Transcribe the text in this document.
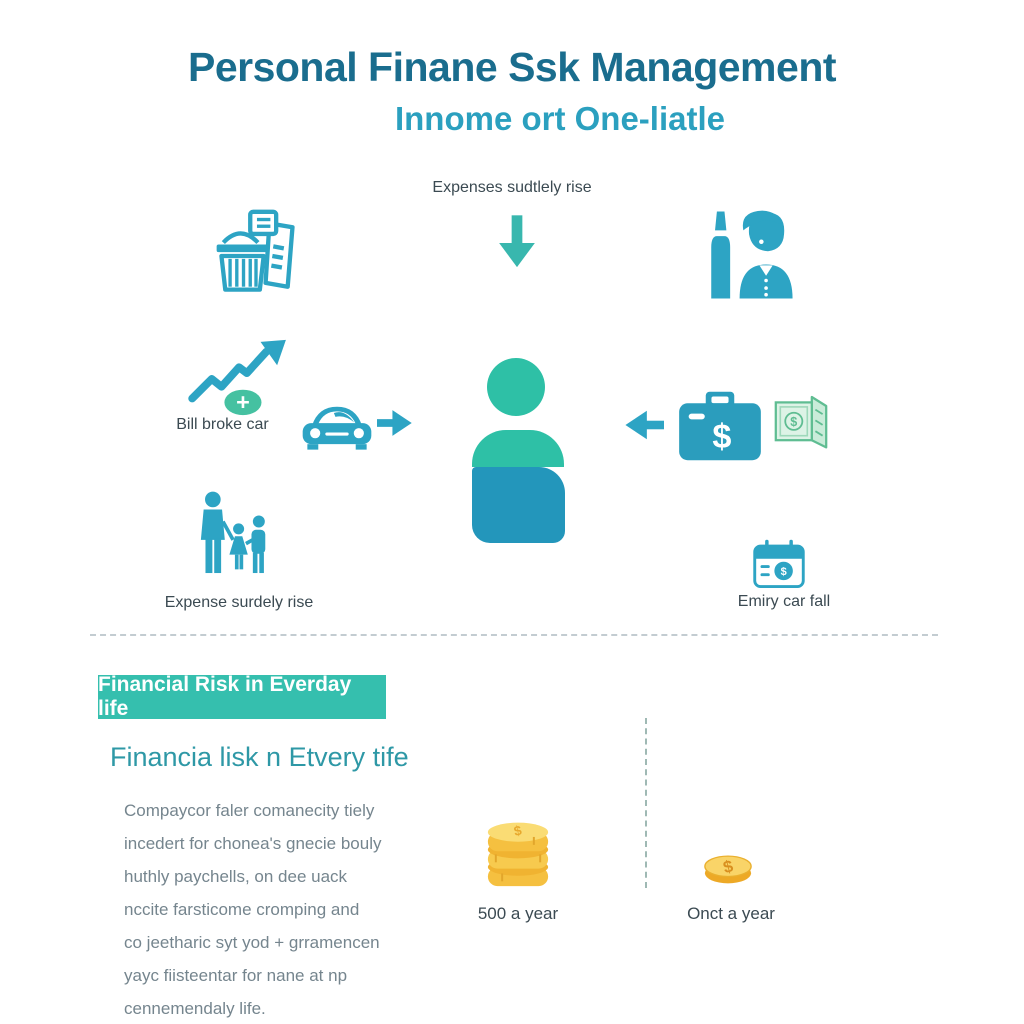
Personal Finane Ssk Management
Innome ort One-liatle
Expenses sudtlely rise
+
Bill broke car	$	$
Expense surdely rise
$
Emiry car fall
Financial Risk in Everday life
Financia lisk n Etvery tife
Compaycor faler comanecity tiely
incedert for chonea's gnecie bouly
huthly paychells, on dee uack
nccite farsticome cromping and
co jeetharic syt yod + grramencen
yayc fiisteentar for nane at np
cennemendaly life.
$
500 a year
$
Onct a year
